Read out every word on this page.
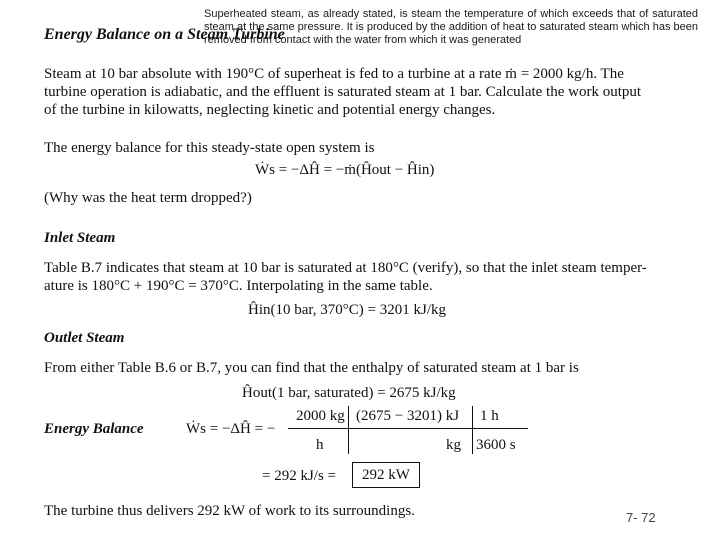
Superheated steam, as already stated, is steam the temperature of which exceeds that of saturated steam at the same pressure. It is produced by the addition of heat to saturated steam which has been removed from contact with the water from which it was generated
Energy Balance on a Steam Turbine
Steam at 10 bar absolute with 190°C of superheat is fed to a turbine at a rate ṁ = 2000 kg/h. The
turbine operation is adiabatic, and the effluent is saturated steam at 1 bar. Calculate the work output
of the turbine in kilowatts, neglecting kinetic and potential energy changes.
The energy balance for this steady-state open system is
Ẇs = −ΔĤ = −ṁ(Ĥout − Ĥin)
(Why was the heat term dropped?)
Inlet Steam
Table B.7 indicates that steam at 10 bar is saturated at 180°C (verify), so that the inlet steam temper-
ature is 180°C + 190°C = 370°C. Interpolating in the same table.
Ĥin(10 bar, 370°C) = 3201 kJ/kg
Outlet Steam
From either Table B.6 or B.7, you can find that the enthalpy of saturated steam at 1 bar is
Ĥout(1 bar, saturated) = 2675 kJ/kg
Energy Balance	Ẇs = −ΔĤ = −
2000 kg (2675 − 3201) kJ 1 h
h	kg 3600 s
= 292 kJ/s = 292 kW
The turbine thus delivers 292 kW of work to its surroundings.	7- 72
